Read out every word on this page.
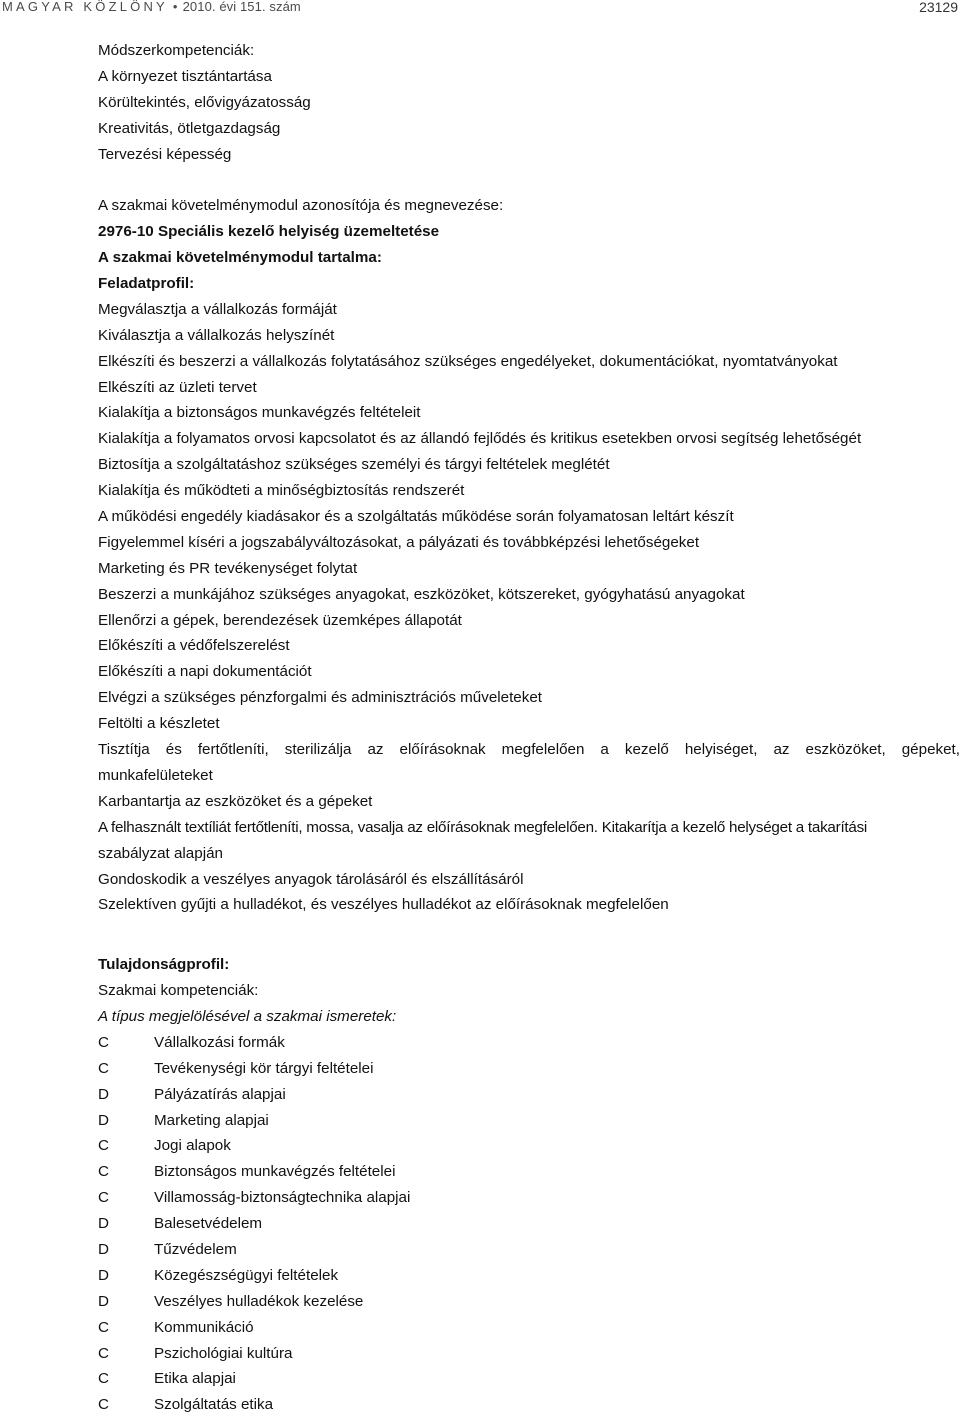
MAGYAR KÖZLÖNY • 2010. évi 151. szám	23129
Módszerkompetenciák:
A környezet tisztántartása
Körültekintés, elővigyázatosság
Kreativitás, ötletgazdagság
Tervezési képesség
A szakmai követelménymodul azonosítója és megnevezése:
2976-10 Speciális kezelő helyiség üzemeltetése
A szakmai követelménymodul tartalma:
Feladatprofil:
Megválasztja a vállalkozás formáját
Kiválasztja a vállalkozás helyszínét
Elkészíti és beszerzi a vállalkozás folytatásához szükséges engedélyeket, dokumentációkat, nyomtatványokat
Elkészíti az üzleti tervet
Kialakítja a biztonságos munkavégzés feltételeit
Kialakítja a folyamatos orvosi kapcsolatot és az állandó fejlődés és kritikus esetekben orvosi segítség lehetőségét
Biztosítja a szolgáltatáshoz szükséges személyi és tárgyi feltételek meglétét
Kialakítja és működteti a minőségbiztosítás rendszerét
A működési engedély kiadásakor és a szolgáltatás működése során folyamatosan leltárt készít
Figyelemmel kíséri a jogszabályváltozásokat, a pályázati és továbbképzési lehetőségeket
Marketing és PR tevékenységet folytat
Beszerzi a munkájához szükséges anyagokat, eszközöket, kötszereket, gyógyhatású anyagokat
Ellenőrzi a gépek, berendezések üzemképes állapotát
Előkészíti a védőfelszerelést
Előkészíti a napi dokumentációt
Elvégzi a szükséges pénzforgalmi és adminisztrációs műveleteket
Feltölti a készletet
Tisztítja és fertőtleníti, sterilizálja az előírásoknak megfelelően a kezelő helyiséget, az eszközöket, gépeket,
munkafelületeket
Karbantartja az eszközöket és a gépeket
A felhasznált textíliát fertőtleníti, mossa, vasalja az előírásoknak megfelelően. Kitakarítja a kezelő helységet a takarítási
szabályzat alapján
Gondoskodik a veszélyes anyagok tárolásáról és elszállításáról
Szelektíven gyűjti a hulladékot, és veszélyes hulladékot az előírásoknak megfelelően
Tulajdonságprofil:
Szakmai kompetenciák:
A típus megjelölésével a szakmai ismeretek:
C	Vállalkozási formák
C	Tevékenységi kör tárgyi feltételei
D	Pályázatírás alapjai
D	Marketing alapjai
C	Jogi alapok
C	Biztonságos munkavégzés feltételei
C	Villamosság-biztonságtechnika alapjai
D	Balesetvédelem
D	Tűzvédelem
D	Közegészségügyi feltételek
D	Veszélyes hulladékok kezelése
C	Kommunikáció
C	Pszichológiai kultúra
C	Etika alapjai
C	Szolgáltatás etika
